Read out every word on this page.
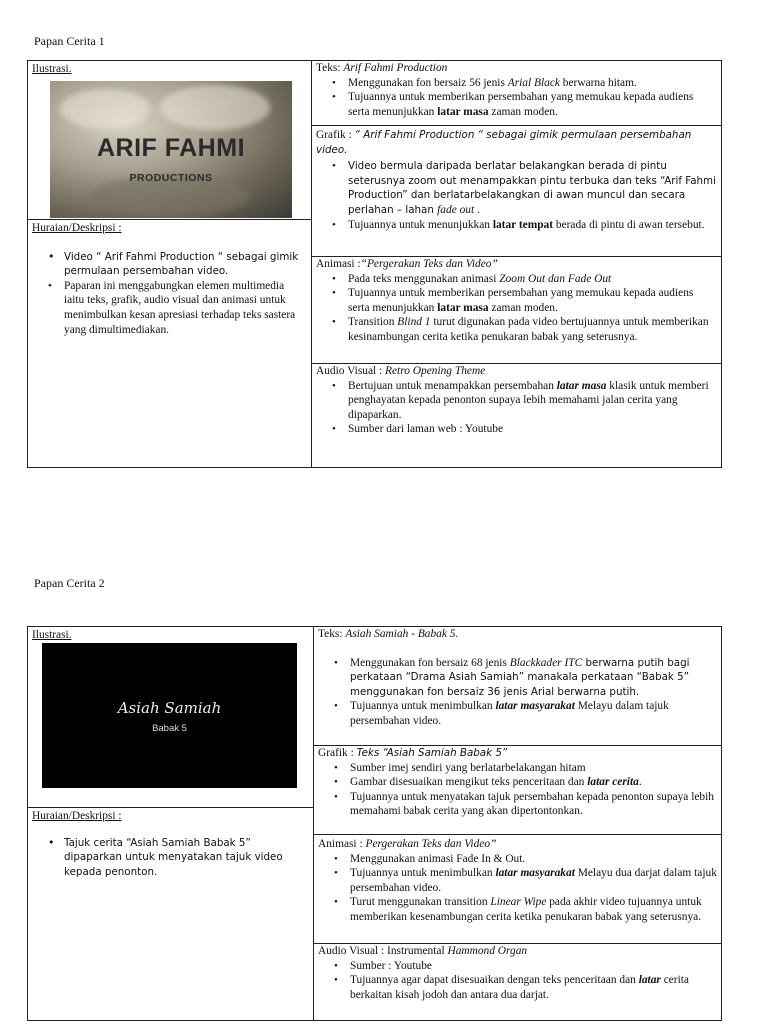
Papan Cerita 1
Ilustrasi.
ARIF FAHMI
PRODUCTIONS
Huraian/Deskripsi :
• Video “ Arif Fahmi Production “ sebagai gimik permulaan persembahan video.
• Paparan ini menggabungkan elemen multimedia iaitu teks, grafik, audio visual dan animasi untuk menimbulkan kesan apresiasi terhadap teks sastera yang dimultimediakan.
Teks: Arif Fahmi Production
• Menggunakan fon bersaiz 56 jenis Arial Black berwarna hitam.
• Tujuannya untuk memberikan persembahan yang memukau kepada audiens serta menunjukkan latar masa zaman moden.
Grafik : “ Arif Fahmi Production “ sebagai gimik permulaan persembahan video.
• Video bermula daripada berlatar belakangkan berada di pintu seterusnya zoom out menampakkan pintu terbuka dan teks “Arif Fahmi Production” dan berlatarbelakangkan di awan muncul dan secara perlahan – lahan fade out .
• Tujuannya untuk menunjukkan latar tempat berada di pintu di awan tersebut.
Animasi :“Pergerakan Teks dan Video”
• Pada teks menggunakan animasi Zoom Out dan Fade Out
• Tujuannya untuk memberikan persembahan yang memukau kepada audiens serta menunjukkan latar masa zaman moden.
• Transition Blind 1 turut digunakan pada video bertujuannya untuk memberikan kesinambungan cerita ketika penukaran babak yang seterusnya.
Audio Visual : Retro Opening Theme
• Bertujuan untuk menampakkan persembahan latar masa klasik untuk memberi penghayatan kepada penonton supaya lebih memahami jalan cerita yang dipaparkan.
• Sumber dari laman web : Youtube
Papan Cerita 2
Ilustrasi.
Asiah Samiah
Babak 5
Huraian/Deskripsi :
• Tajuk cerita “Asiah Samiah Babak 5” dipaparkan untuk menyatakan tajuk video kepada penonton.
Teks: Asiah Samiah - Babak 5.
• Menggunakan fon bersaiz 68 jenis Blackkader ITC berwarna putih bagi perkataan “Drama Asiah Samiah” manakala perkataan “Babak 5” menggunakan fon bersaiz 36 jenis Arial berwarna putih.
• Tujuannya untuk menimbulkan latar masyarakat Melayu dalam tajuk persembahan video.
Grafik : Teks “Asiah Samiah Babak 5”
• Sumber imej sendiri yang berlatarbelakangan hitam
• Gambar disesuaikan mengikut teks penceritaan dan latar cerita.
• Tujuannya untuk menyatakan tajuk persembahan kepada penonton supaya lebih memahami babak cerita yang akan dipertontonkan.
Animasi : Pergerakan Teks dan Video”
• Menggunakan animasi Fade In & Out.
• Tujuannya untuk menimbulkan latar masyarakat Melayu dua darjat dalam tajuk persembahan video.
• Turut menggunakan transition Linear Wipe pada akhir video tujuannya untuk memberikan kesenambungan cerita ketika penukaran babak yang seterusnya.
Audio Visual : Instrumental Hammond Organ
• Sumber : Youtube
• Tujuannya agar dapat disesuaikan dengan teks penceritaan dan latar cerita berkaitan kisah jodoh dan antara dua darjat.
